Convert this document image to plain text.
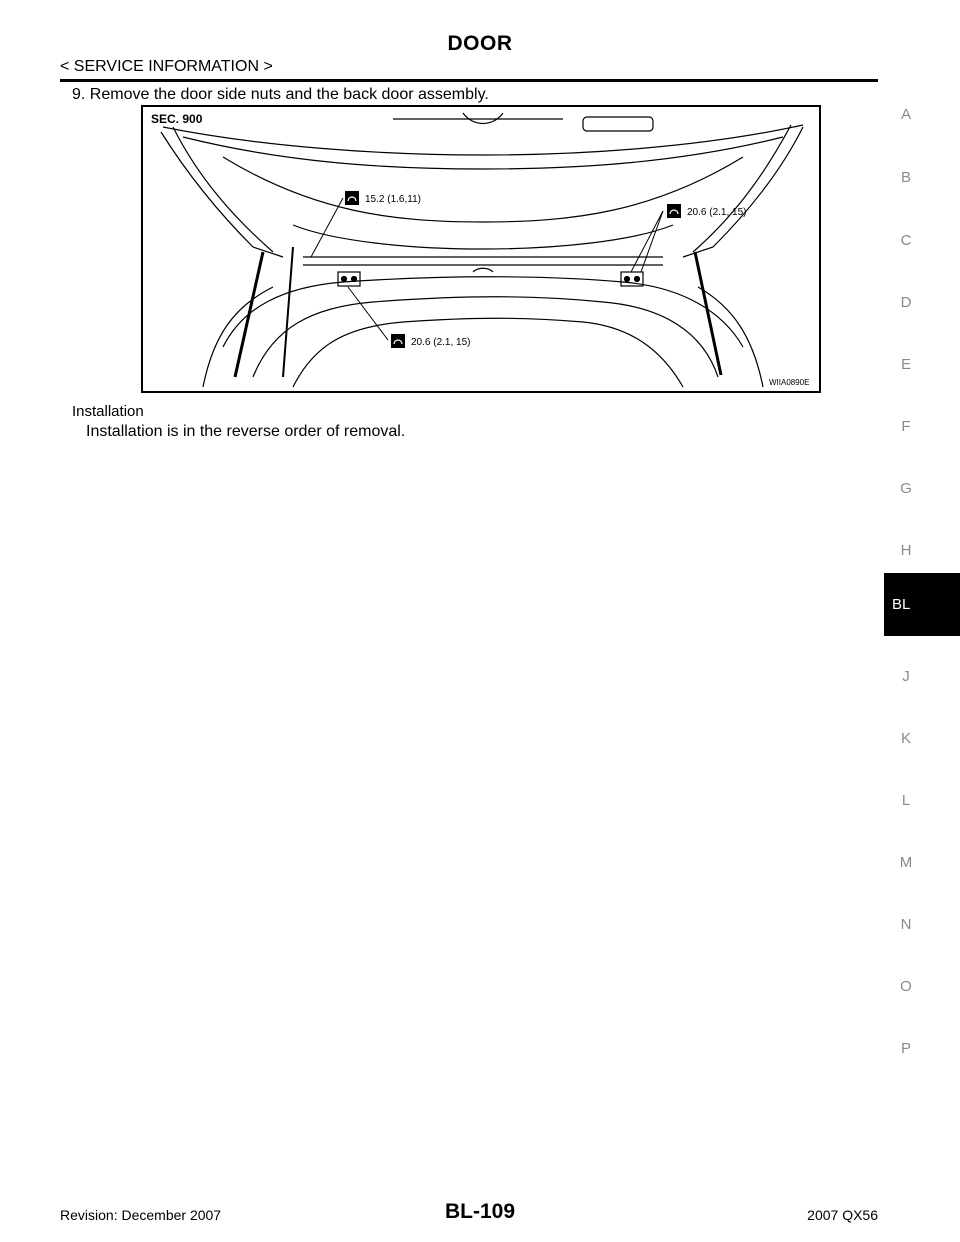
DOOR
< SERVICE INFORMATION >
9. Remove the door side nuts and the back door assembly.
SEC. 900
15.2 (1.6,11)
20.6 (2.1, 15)
20.6 (2.1, 15)
WIIA0890E
Installation
Installation is in the reverse order of removal.
A
B
C
D
E
F
G
H
J
K
L
M
N
O
P
BL
Revision: December 2007	BL-109	2007 QX56
